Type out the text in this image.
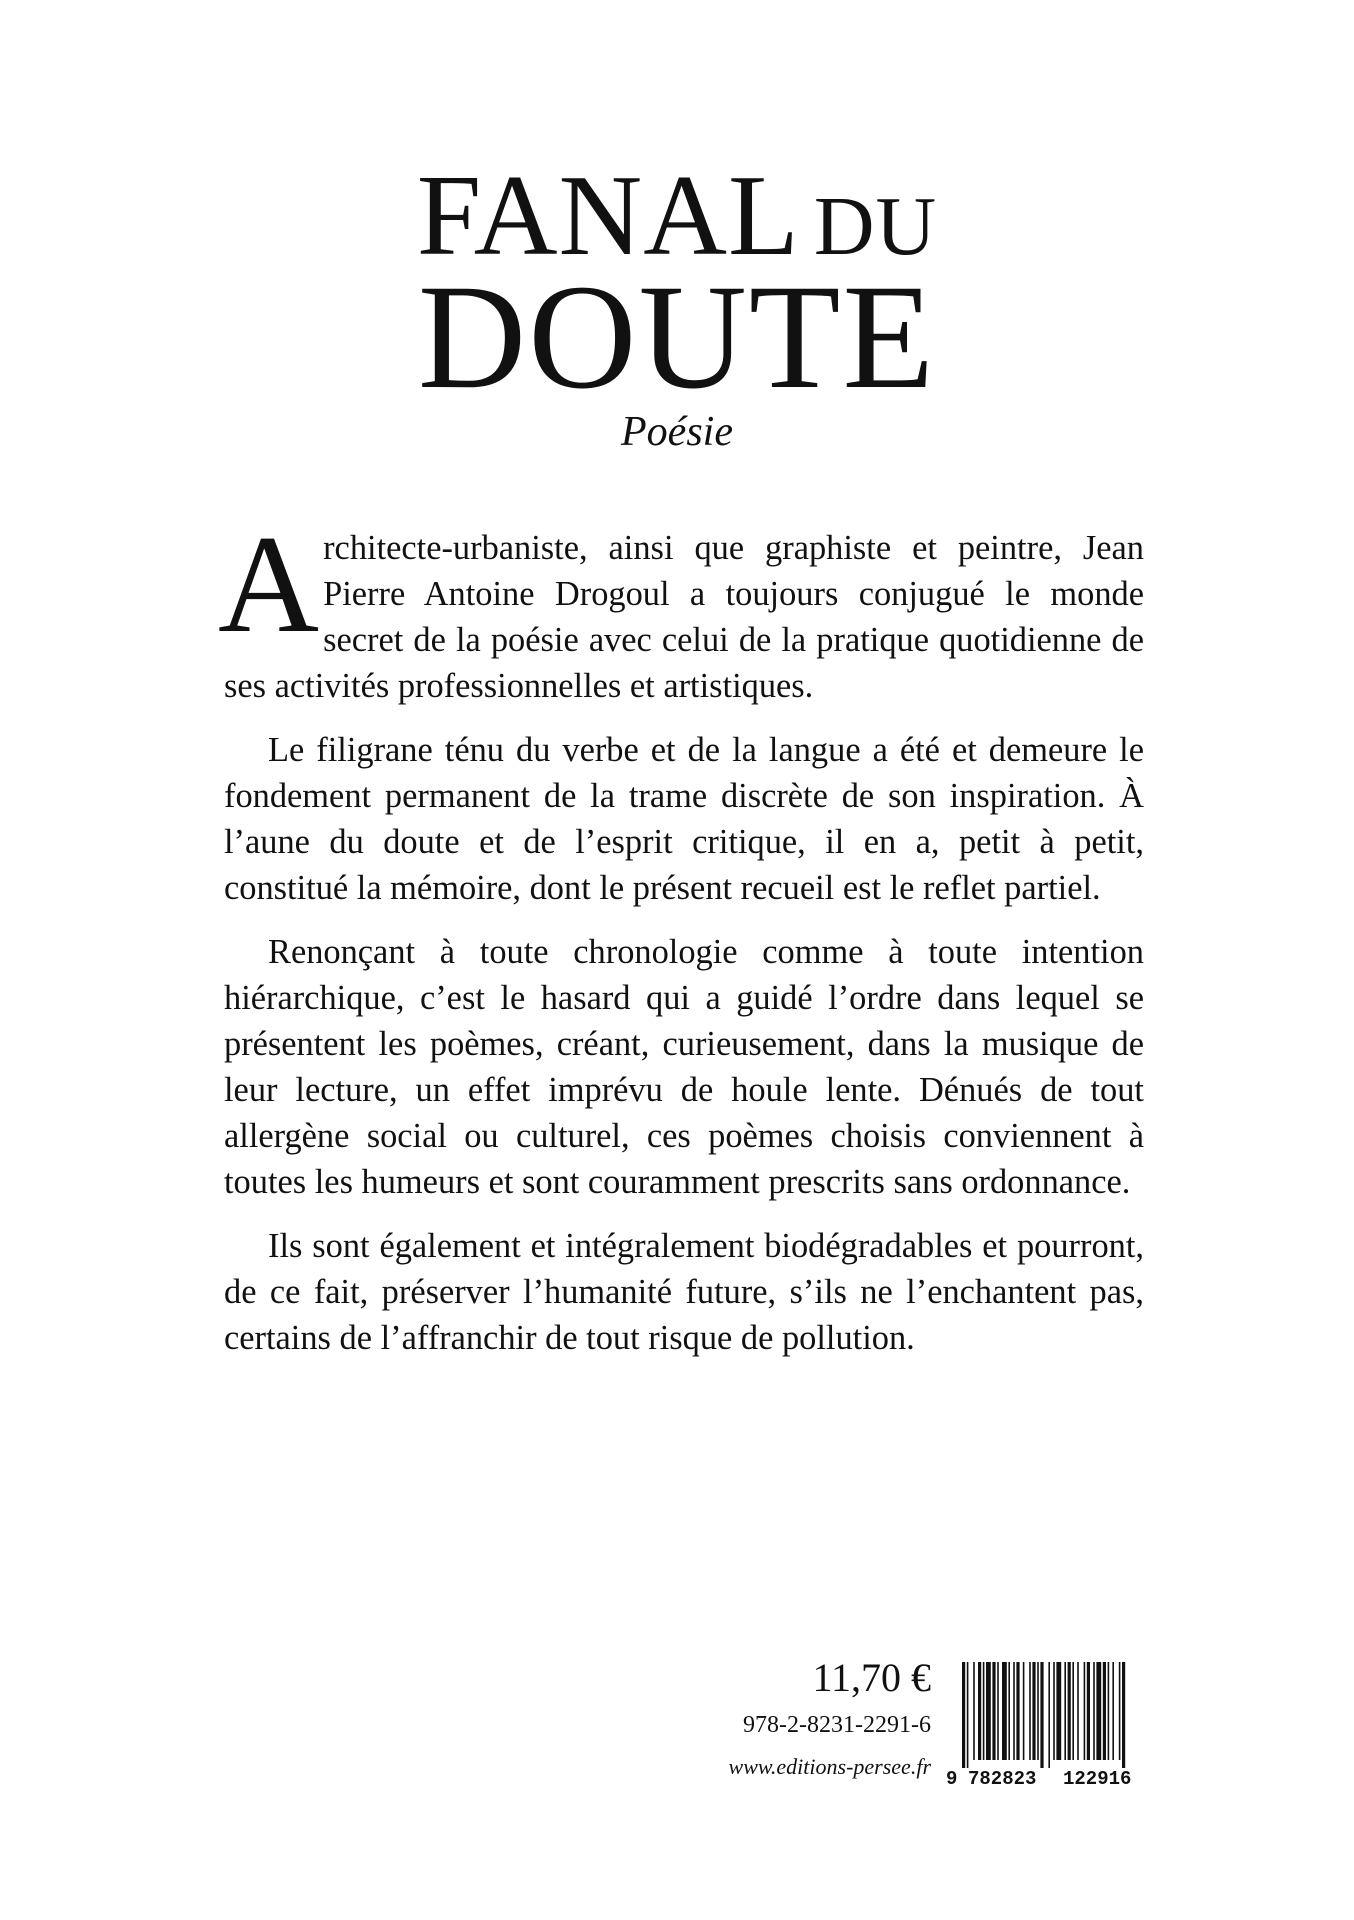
FANAL DU
DOUTE
Poésie

Architecte-urbaniste, ainsi que graphiste et peintre, Jean Pierre Antoine Drogoul a toujours conjugué le monde secret de la poésie avec celui de la pratique quotidienne de ses activités professionnelles et artistiques.

Le filigrane ténu du verbe et de la langue a été et demeure le fondement permanent de la trame discrète de son inspiration. À l’aune du doute et de l’esprit critique, il en a, petit à petit, constitué la mémoire, dont le présent recueil est le reflet partiel.

Renonçant à toute chronologie comme à toute intention hiérarchique, c’est le hasard qui a guidé l’ordre dans lequel se présentent les poèmes, créant, curieusement, dans la musique de leur lecture, un effet imprévu de houle lente. Dénués de tout allergène social ou culturel, ces poèmes choisis conviennent à toutes les humeurs et sont couramment prescrits sans ordonnance.

Ils sont également et intégralement biodégradables et pourront, de ce fait, préserver l’humanité future, s’ils ne l’enchantent pas, certains de l’affranchir de tout risque de pollution.

11,70 €
978-2-8231-2291-6
www.editions-persee.fr 9 782823 122916
